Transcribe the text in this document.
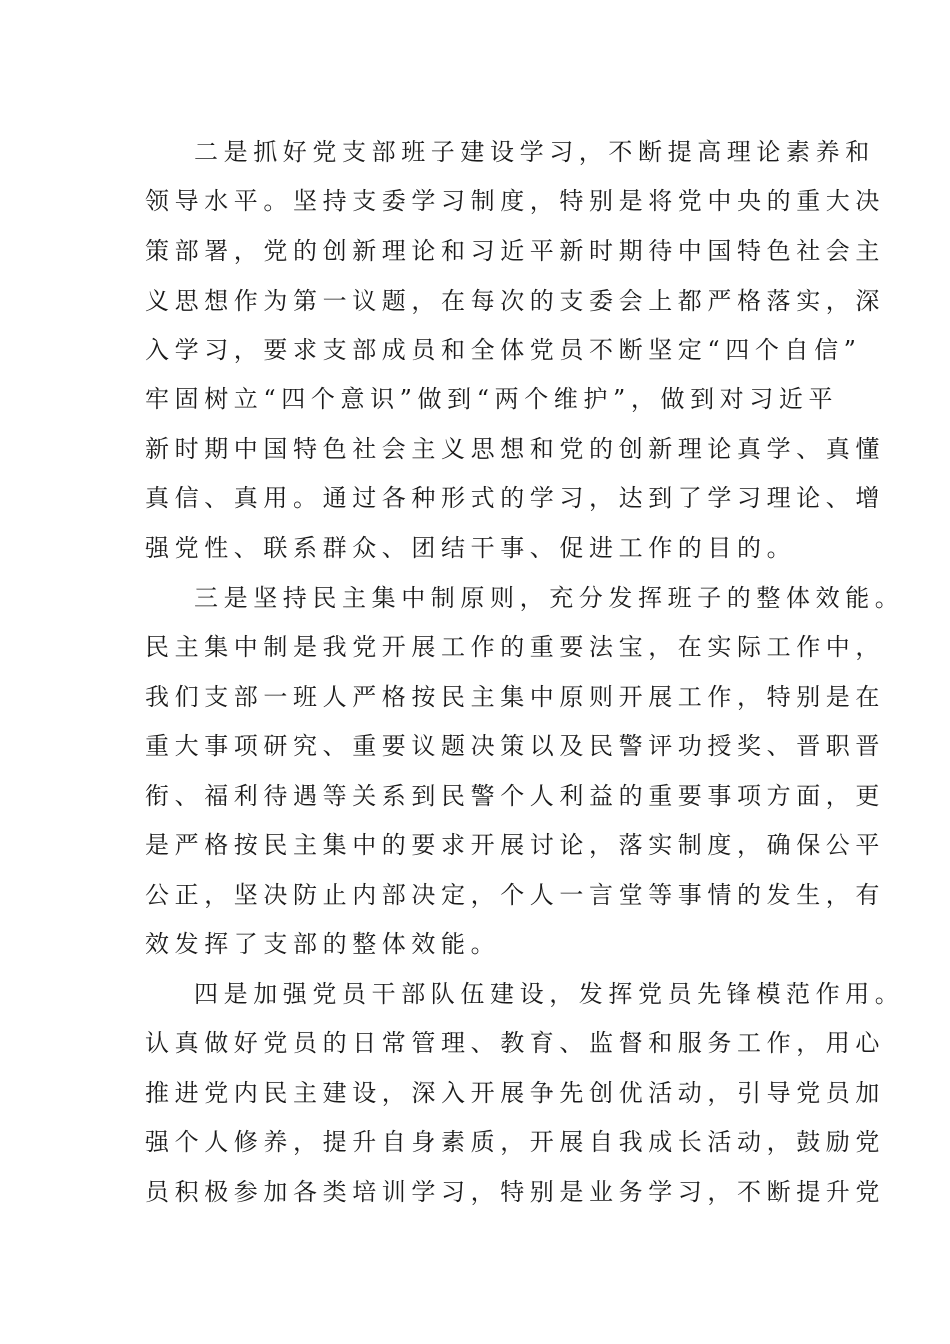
二是抓好党支部班子建设学习，不断提高理论素养和
领导水平。坚持支委学习制度，特别是将党中央的重大决
策部署，党的创新理论和习近平新时期待中国特色社会主
义思想作为第一议题，在每次的支委会上都严格落实，深
入学习，要求支部成员和全体党员不断坚定“四个自信”
牢固树立“四个意识”做到“两个维护”，做到对习近平
新时期中国特色社会主义思想和党的创新理论真学、真懂
真信、真用。通过各种形式的学习，达到了学习理论、增
强党性、联系群众、团结干事、促进工作的目的。
三是坚持民主集中制原则，充分发挥班子的整体效能。
民主集中制是我党开展工作的重要法宝，在实际工作中，
我们支部一班人严格按民主集中原则开展工作，特别是在
重大事项研究、重要议题决策以及民警评功授奖、晋职晋
衔、福利待遇等关系到民警个人利益的重要事项方面，更
是严格按民主集中的要求开展讨论，落实制度，确保公平
公正，坚决防止内部决定，个人一言堂等事情的发生，有
效发挥了支部的整体效能。
四是加强党员干部队伍建设，发挥党员先锋模范作用。
认真做好党员的日常管理、教育、监督和服务工作，用心
推进党内民主建设，深入开展争先创优活动，引导党员加
强个人修养，提升自身素质，开展自我成长活动，鼓励党
员积极参加各类培训学习，特别是业务学习，不断提升党
